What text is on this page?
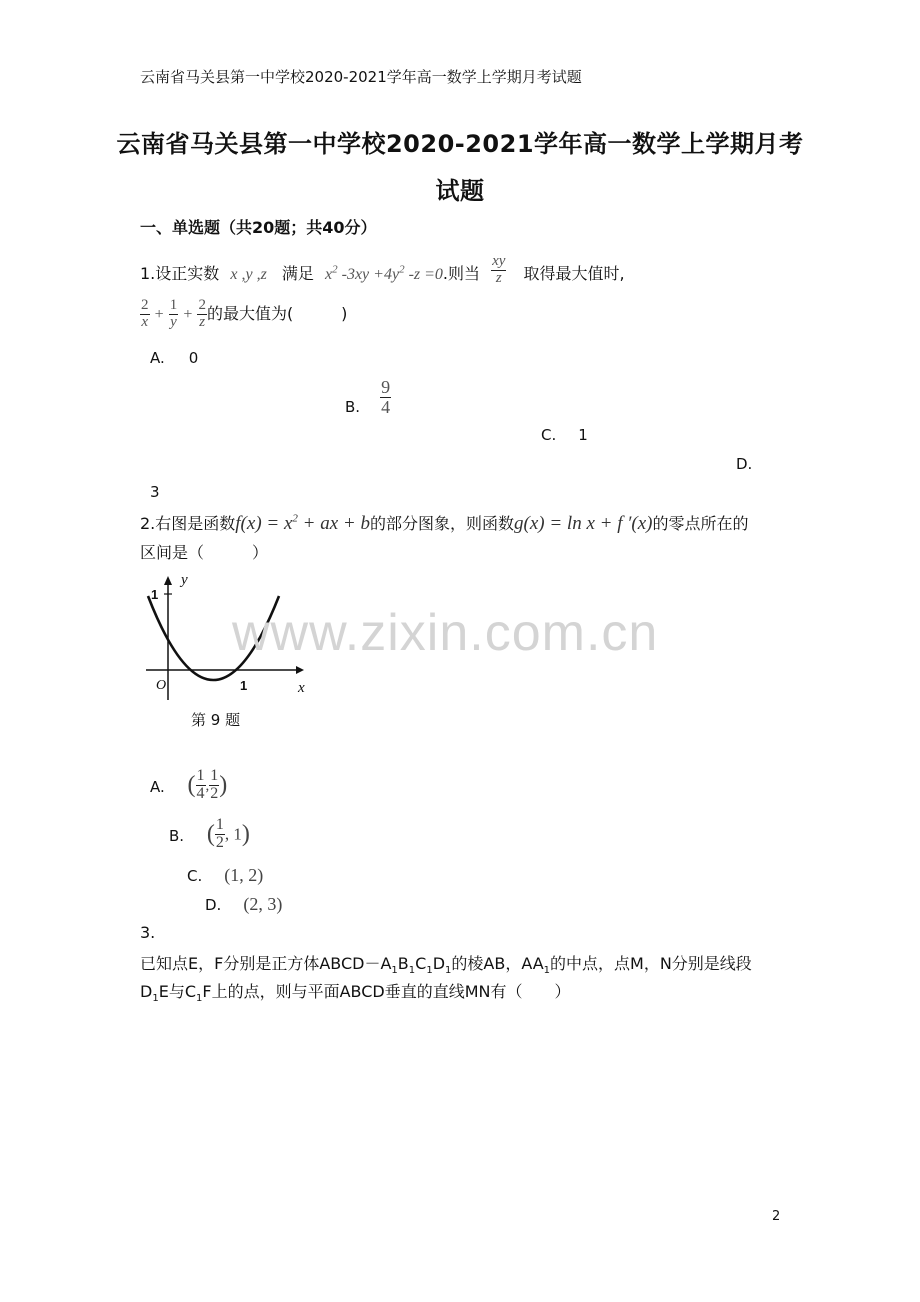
云南省马关县第一中学校2020-2021学年高一数学上学期月考试题
云南省马关县第一中学校2020-2021学年高一数学上学期月考
试题
一、单选题（共20题；共40分）
1.设正实数 x ,y ,z 满足 $x^2$ $-3xy +4y^2$ -z =0.则当 $\frac{xy}{z}$ 取得最大值时,
$\frac{2}{x} + \frac{1}{y} + \frac{2}{z}$ 的最大值为(　　　)
A. 0
B. $\frac{9}{4}$
C. 1
D.
3
2.右图是函数$f(x) = x^2$ + ax + b的部分图象，则函数g(x) = ln x + f ′(x)的零点所在的
区间是（　　　）
y
x
O
1
1
第 9 题
A. ( $\frac{1}{4}$ , $\frac{1}{2}$ )
B. ( $\frac{1}{2}$ , 1)
C. (1, 2)
D. (2, 3)
3.
已知点E，F分别是正方体$ABCD-A_1B_1C_1D_1$的棱AB，$AA_1$的中点，点M，N分别是线段
$D_1E$与$C_1F$上的点，则与平面ABCD垂直的直线MN有（　　）
www.zixin.com.cn
2
